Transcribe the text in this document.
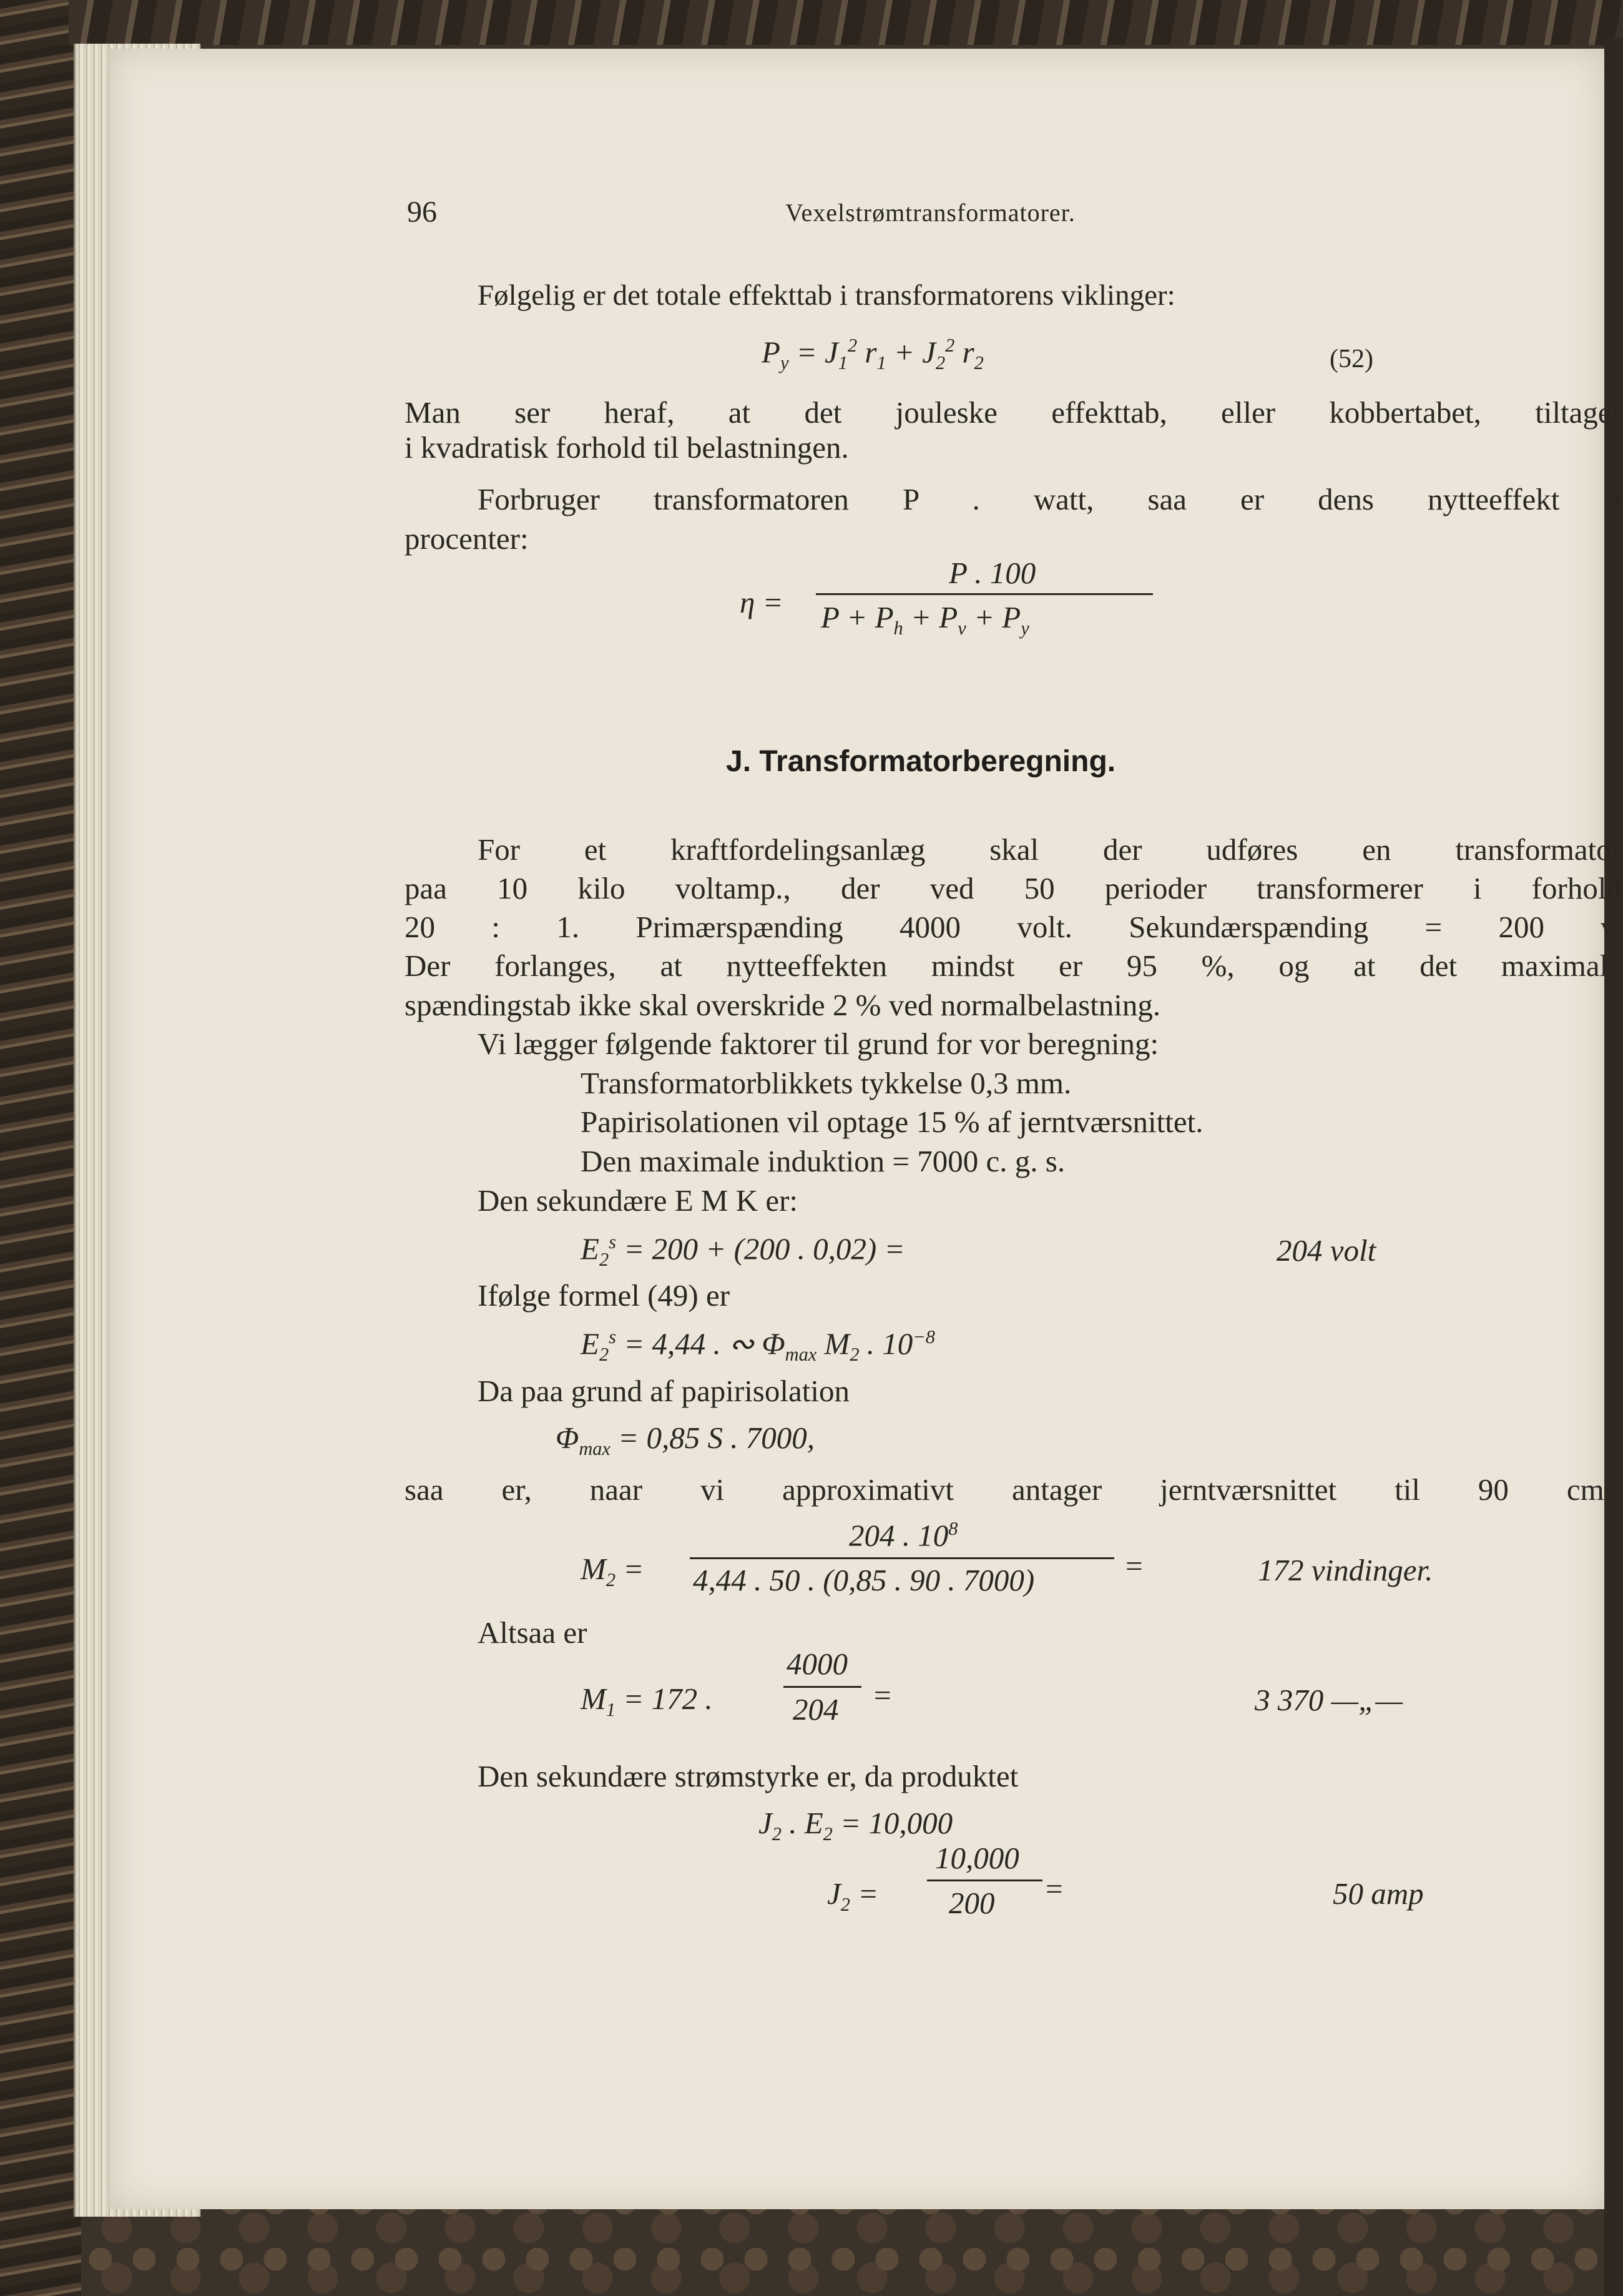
96	Vexelstrømtransformatorer.
Følgelig er det totale effekttab i transformatorens viklinger:
$P_y = J_1^2$ $r_1 + J_2^2$ $r_2$	(52)
Man ser heraf, at det jouleske effekttab, eller kobbertabet, tiltager
i kvadratisk forhold til belastningen.
Forbruger transformatoren P . watt, saa er dens nytteeffekt i
procenter:
η =
P . 100
$P + P_h + P_v + P_y$
J. Transformatorberegning.
For et kraftfordelingsanlæg skal der udføres en transformator
paa 10 kilo voltamp., der ved 50 perioder transformerer i forhold
20 : 1. Primærspænding 4000 volt. Sekundærspænding = 200 v.
Der forlanges, at nytteeffekten mindst er 95 %, og at det maximale
spændingstab ikke skal overskride 2 % ved normalbelastning.
Vi lægger følgende faktorer til grund for vor beregning:
Transformatorblikkets tykkelse 0,3 mm.
Papirisolationen vil optage 15 % af jerntværsnittet.
Den maximale induktion = 7000 c. g. s.
Den sekundære E M K er:
$E_2^s = 200 + (200$ . 0,02) =	204 volt
Ifølge formel (49) er
$E_2^s = 4,44$ . ∾ $\Phi_{max}$ $M_2$ . $10^{-8}$
Da paa grund af papirisolation
$\Phi_{max} = 0,85$ S . 7000,
saa er, naar vi approximativt antager jerntværsnittet til 90 cm²:
$M_2$ =
204 . $10^8$
4,44 . 50 . (0,85 . 90 . 7000)	=	172 vindinger.
Altsaa er
$M_1 = 172$ .
4000
204 =	3 370 —„—
Den sekundære strømstyrke er, da produktet
$J_2$ . $E_2 = 10,000$
$J_2$ =
10,000
200 =	50 amp
